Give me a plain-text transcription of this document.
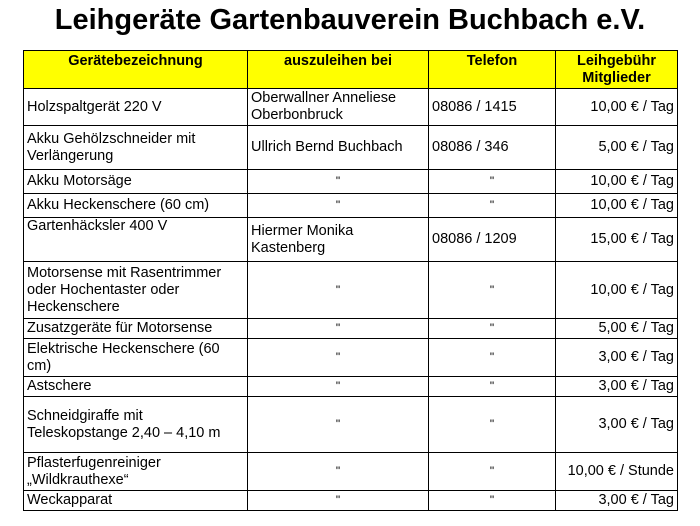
Leihgeräte Gartenbauverein Buchbach e.V.
Gerätebezeichnung	auszuleihen bei	Telefon	Leihgebühr Mitglieder
Holzspaltgerät 220 V	Oberwallner Anneliese Oberbonbruck	08086 / 1415	10,00 € / Tag
Akku Gehölzschneider mit Verlängerung	Ullrich Bernd Buchbach	08086 / 346	5,00 € / Tag
Akku Motorsäge	"	"	10,00 € / Tag
Akku Heckenschere (60 cm)	"	"	10,00 € / Tag
Gartenhäcksler 400 V	Hiermer Monika Kastenberg	08086 / 1209	15,00 € / Tag
Motorsense mit Rasentrimmer oder Hochentaster oder Heckenschere	"	"	10,00 € / Tag
Zusatzgeräte für Motorsense	"	"	5,00 € / Tag
Elektrische Heckenschere (60 cm)	"	"	3,00 € / Tag
Astschere	"	"	3,00 € / Tag
Schneidgiraffe mit Teleskopstange 2,40 – 4,10 m	"	"	3,00 € / Tag
Pflasterfugenreiniger „Wildkrauthexe“	"	"	10,00 € / Stunde
Weckapparat	"	"	3,00 € / Tag
